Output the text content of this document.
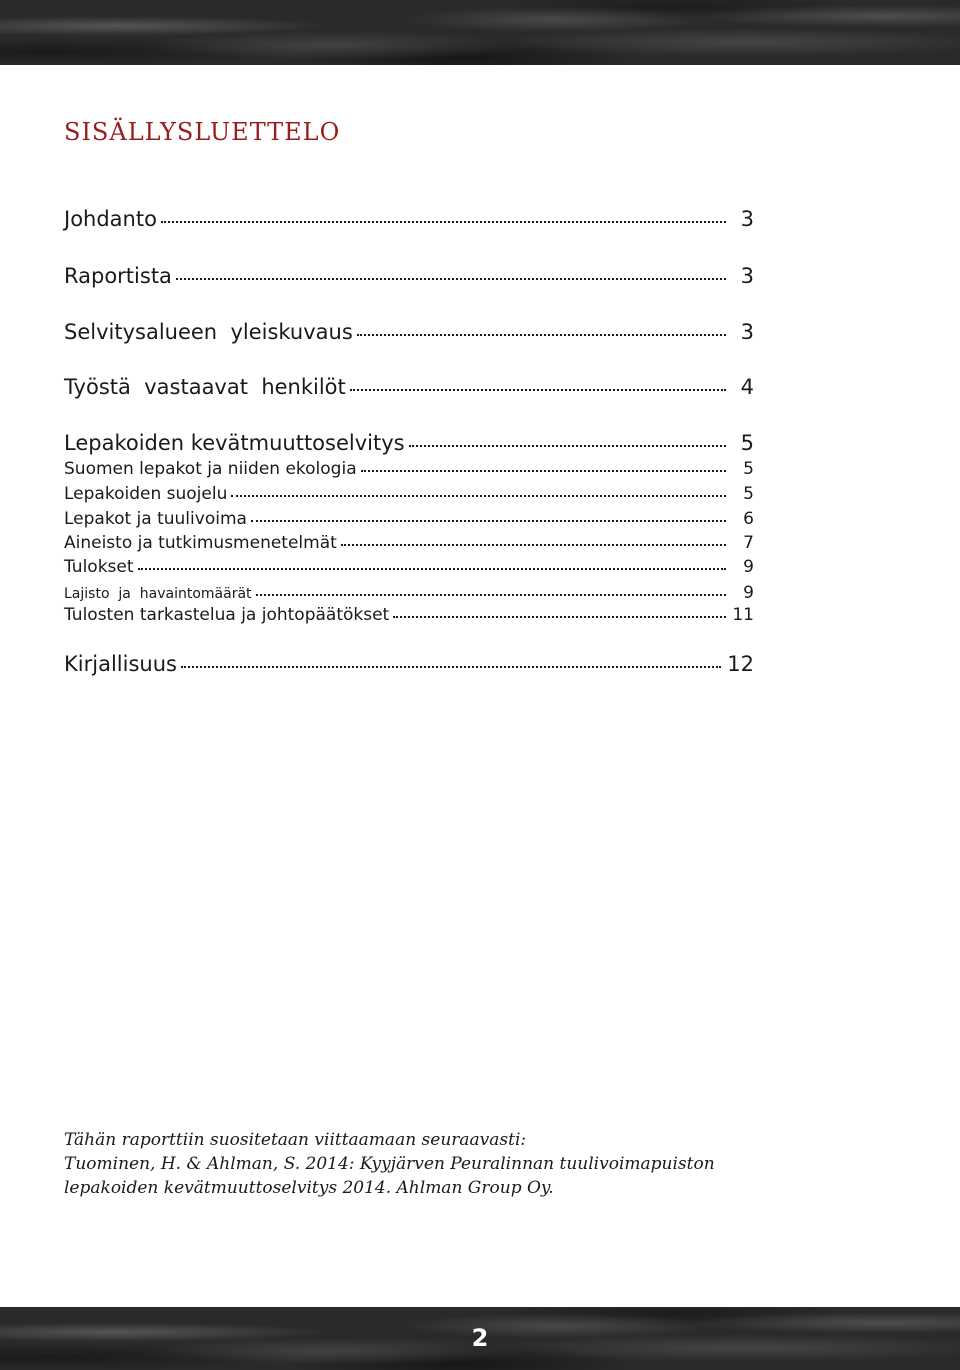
SISÄLLYSLUETTELO
Johdanto	3
Raportista	3
Selvitysalueen  yleiskuvaus	3
Työstä  vastaavat  henkilöt	4
Lepakoiden kevätmuuttoselvitys	5
Suomen lepakot ja niiden ekologia	5
Lepakoiden suojelu	5
Lepakot ja tuulivoima	6
Aineisto ja tutkimusmenetelmät	7
Tulokset	9
Lajisto  ja  havaintomäärät	9
Tulosten tarkastelua ja johtopäätökset	11
Kirjallisuus	12
Tähän raporttiin suositetaan viittaamaan seuraavasti:
Tuominen, H. & Ahlman, S. 2014: Kyyjärven Peuralinnan tuulivoimapuiston
lepakoiden kevätmuuttoselvitys 2014. Ahlman Group Oy.
2
